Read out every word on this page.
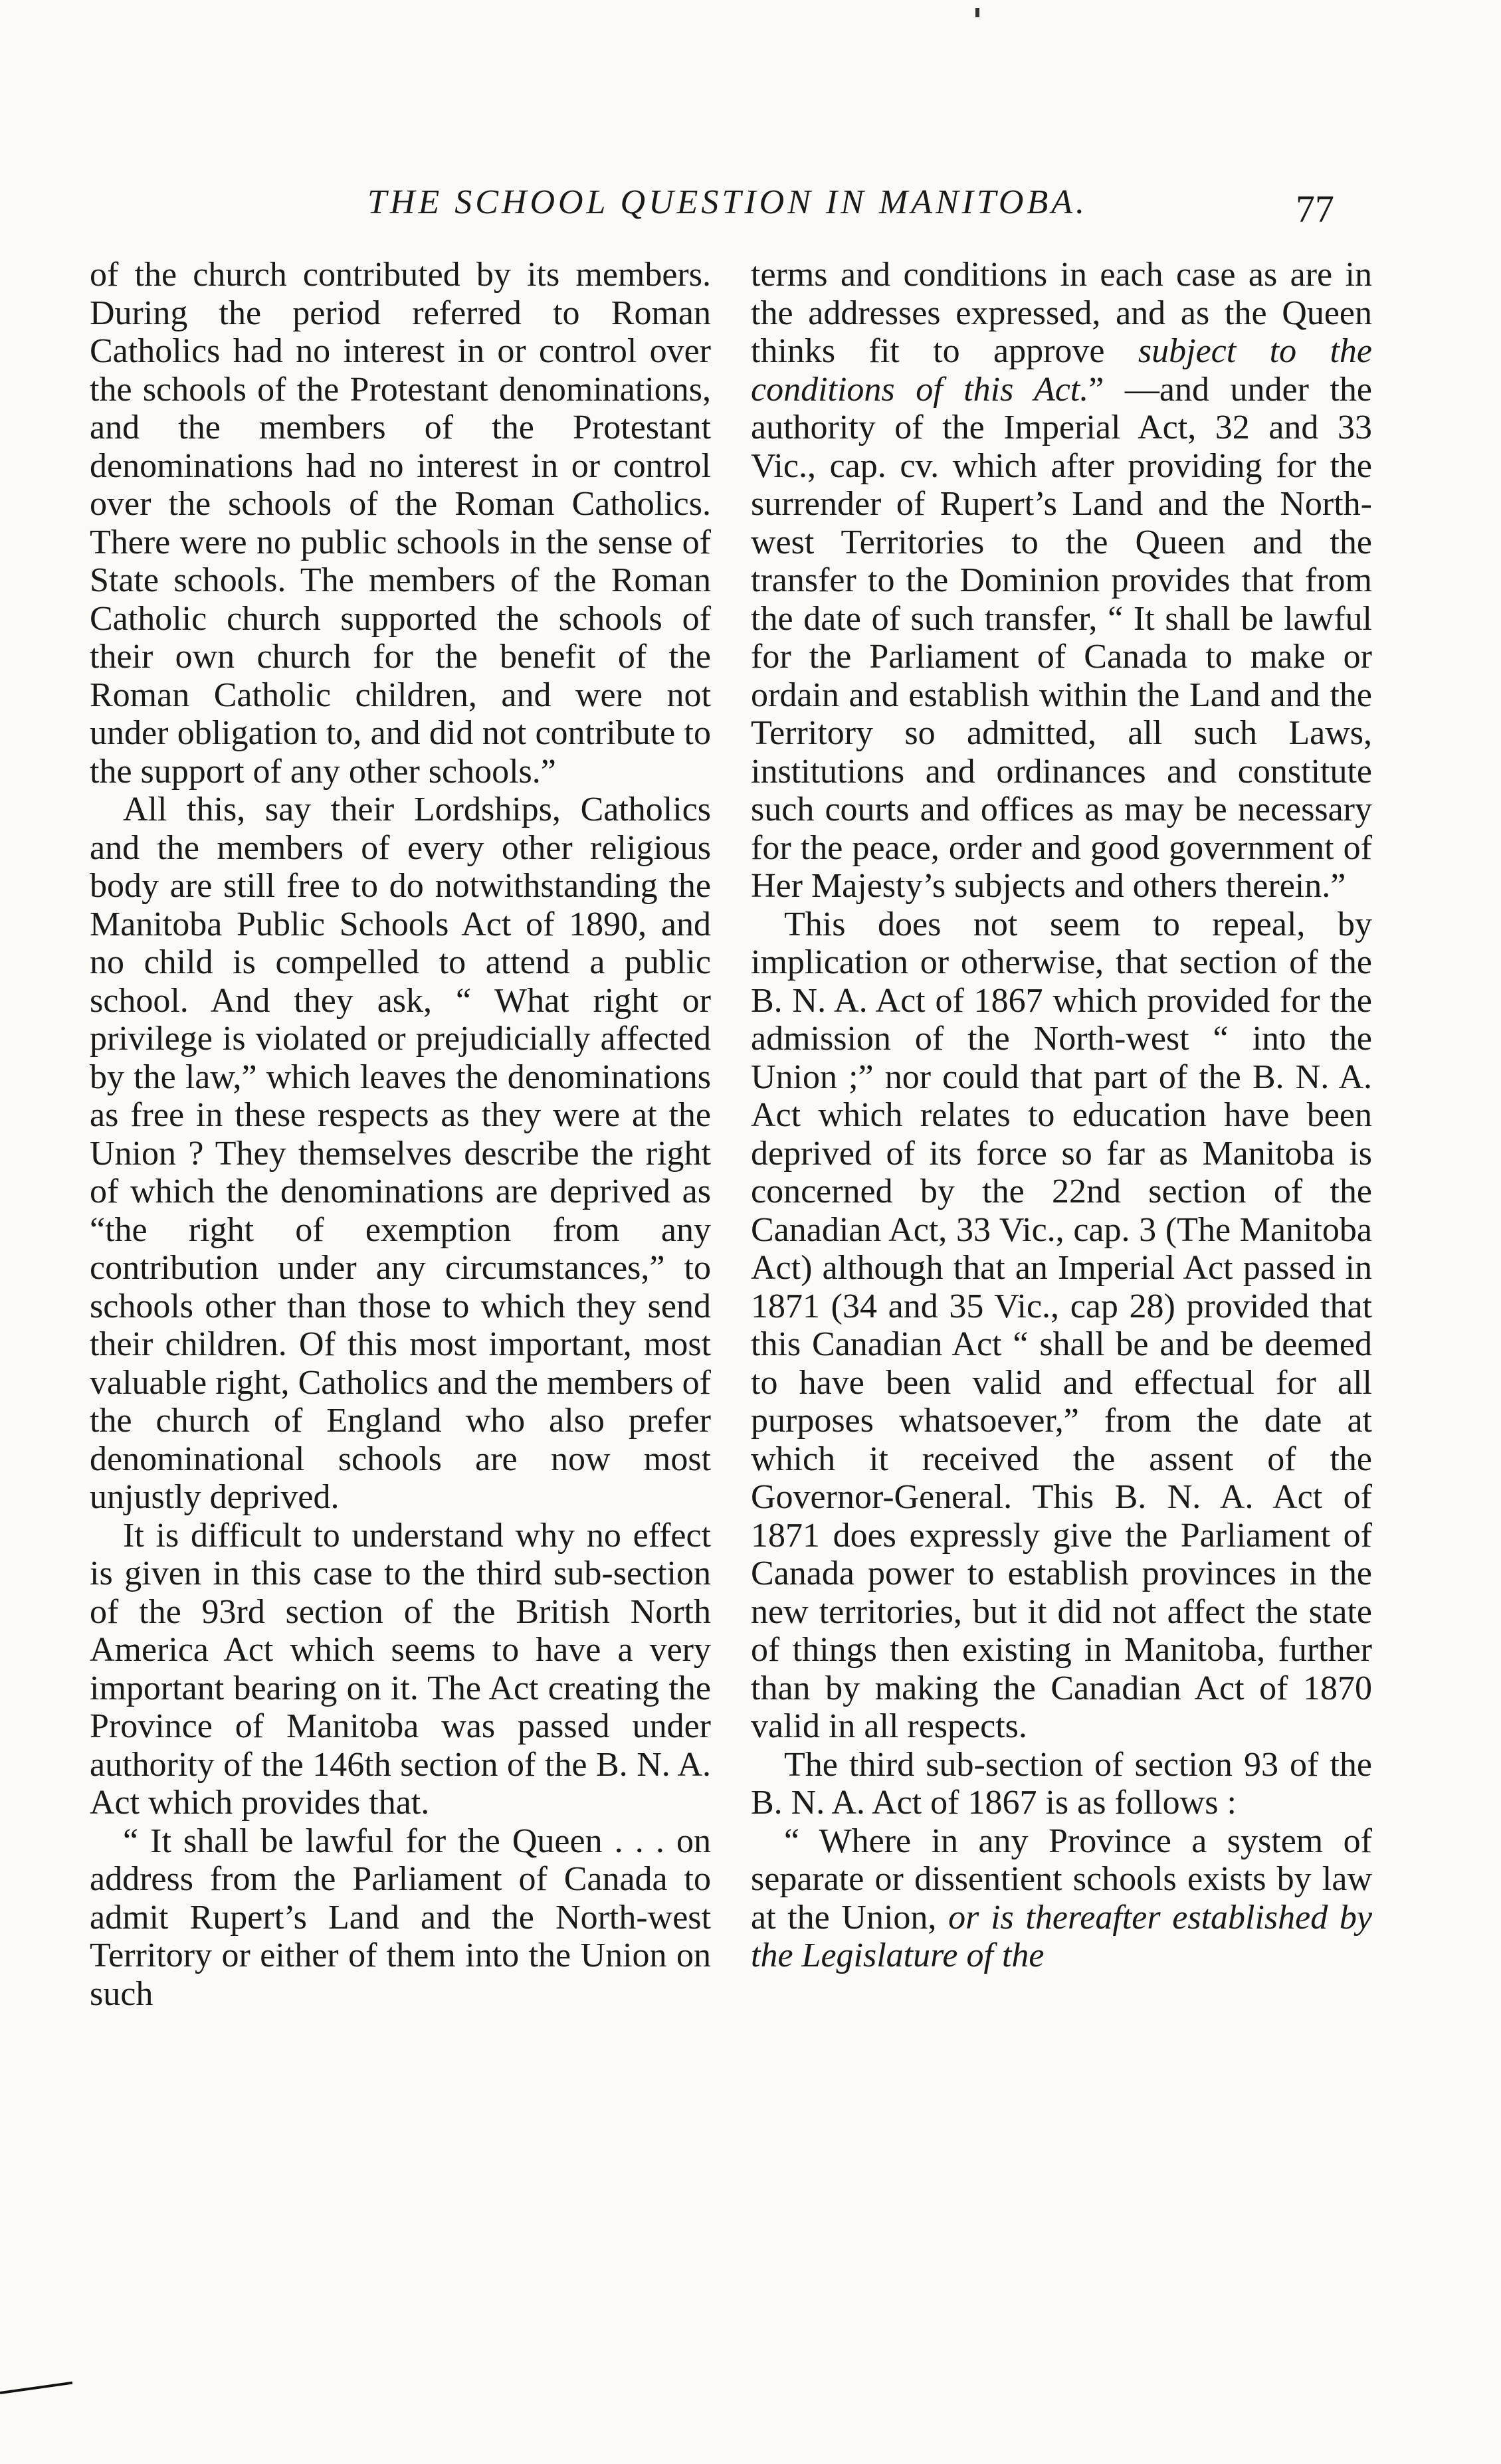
THE SCHOOL QUESTION IN MANITOBA.	77

of the church contributed by its members. During the period referred to Roman Catholics had no interest in or control over the schools of the Protestant denominations, and the members of the Protestant denominations had no interest in or control over the schools of the Roman Catholics. There were no public schools in the sense of State schools. The members of the Roman Catholic church supported the schools of their own church for the benefit of the Roman Catholic children, and were not under obligation to, and did not contribute to the support of any other schools.”

All this, say their Lordships, Catholics and the members of every other religious body are still free to do notwithstanding the Manitoba Public Schools Act of 1890, and no child is compelled to attend a public school. And they ask, “ What right or privilege is violated or prejudicially affected by the law,” which leaves the denominations as free in these respects as they were at the Union ? They themselves describe the right of which the denominations are deprived as “the right of exemption from any contribution under any circumstances,” to schools other than those to which they send their children. Of this most important, most valuable right, Catholics and the members of the church of England who also prefer denominational schools are now most unjustly deprived.

It is difficult to understand why no effect is given in this case to the third sub-section of the 93rd section of the British North America Act which seems to have a very important bearing on it. The Act creating the Province of Manitoba was passed under authority of the 146th section of the B. N. A. Act which provides that.

“ It shall be lawful for the Queen . . . on address from the Parliament of Canada to admit Rupert’s Land and the North-west Territory or either of them into the Union on such

terms and conditions in each case as are in the addresses expressed, and as the Queen thinks fit to approve subject to the conditions of this Act.” —and under the authority of the Imperial Act, 32 and 33 Vic., cap. cv. which after providing for the surrender of Rupert’s Land and the North-west Territories to the Queen and the transfer to the Dominion provides that from the date of such transfer, “ It shall be lawful for the Parliament of Canada to make or ordain and establish within the Land and the Territory so admitted, all such Laws, institutions and ordinances and constitute such courts and offices as may be necessary for the peace, order and good government of Her Majesty’s subjects and others therein.”

This does not seem to repeal, by implication or otherwise, that section of the B. N. A. Act of 1867 which provided for the admission of the North-west “ into the Union ;” nor could that part of the B. N. A. Act which relates to education have been deprived of its force so far as Manitoba is concerned by the 22nd section of the Canadian Act, 33 Vic., cap. 3 (The Manitoba Act) although that an Imperial Act passed in 1871 (34 and 35 Vic., cap 28) provided that this Canadian Act “ shall be and be deemed to have been valid and effectual for all purposes whatsoever,” from the date at which it received the assent of the Governor-General. This B. N. A. Act of 1871 does expressly give the Parliament of Canada power to establish provinces in the new territories, but it did not affect the state of things then existing in Manitoba, further than by making the Canadian Act of 1870 valid in all respects.

The third sub-section of section 93 of the B. N. A. Act of 1867 is as follows :

“ Where in any Province a system of separate or dissentient schools exists by law at the Union, or is thereafter established by the Legislature of the
